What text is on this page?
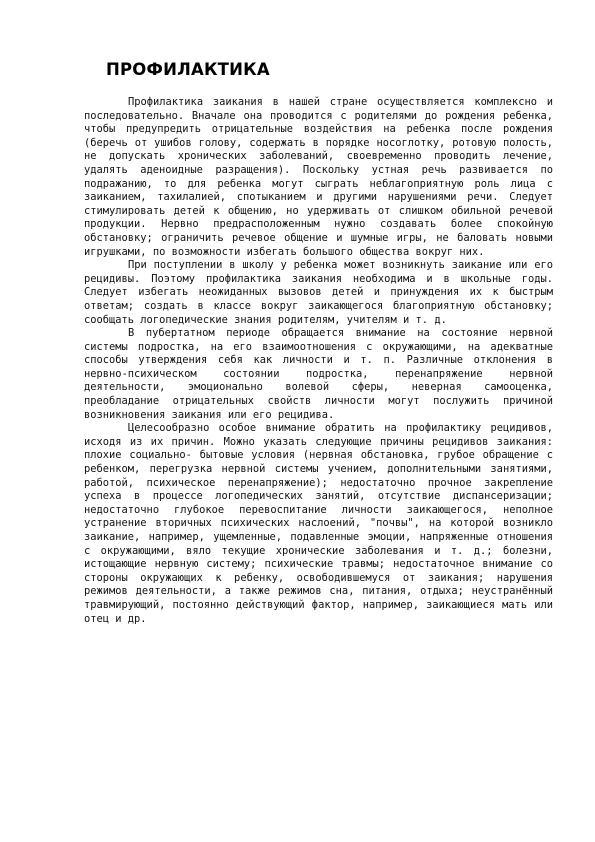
ПРОФИЛАКТИКА

Профилактика заикания в нашей стране осуществляется комплексно и последовательно. Вначале она проводится с родителями до рождения ребенка, чтобы предупредить отрицательные воздействия на ребенка после рождения (беречь от ушибов голову, содержать в порядке носоглотку, ротовую полость, не допускать хронических заболеваний, своевременно проводить лечение, удалять аденоидные разращения). Поскольку устная речь развивается по подражанию, то для ребенка могут сыграть неблагоприятную роль лица с заиканием, тахилалией, спотыканием и другими нарушениями речи. Следует стимулировать детей к общению, но удерживать от слишком обильной речевой продукции. Нервно предрасположенным нужно создавать более спокойную обстановку; ограничить речевое общение и шумные игры, не баловать новыми игрушками, по возможности избегать большого общества вокруг них.

При поступлении в школу у ребенка может возникнуть заикание или его рецидивы. Поэтому профилактика заикания необходима и в школьные годы. Следует избегать неожиданных вызовов детей и принуждения их к быстрым ответам; создать в классе вокруг заикающегося благоприятную обстановку; сообщать логопедические знания родителям, учителям и т. д.

В пубертатном периоде обращается внимание на состояние нервной системы подростка, на его взаимоотношения с окружающими, на адекватные способы утверждения себя как личности и т. п. Различные отклонения в нервно-психическом состоянии подростка, перенапряжение нервной деятельности, эмоционально волевой сферы, неверная самооценка, преобладание отрицательных свойств личности могут послужить причиной возникновения заикания или его рецидива.

Целесообразно особое внимание обратить на профилактику рецидивов, исходя из их причин. Можно указать следующие причины рецидивов заикания: плохие социально- бытовые условия (нервная обстановка, грубое обращение с ребенком, перегрузка нервной системы учением, дополнительными занятиями, работой, психическое перенапряжение); недостаточно прочное закрепление успеха в процессе логопедических занятий, отсутствие диспансеризации; недостаточно глубокое перевоспитание личности заикающегося, неполное устранение вторичных психических наслоений, "почвы", на которой возникло заикание, например, ущемленные, подавленные эмоции, напряженные отношения с окружающими, вяло текущие хронические заболевания и т. д.; болезни, истощающие нервную систему; психические травмы; недостаточное внимание со стороны окружающих к ребенку, освободившемуся от заикания; нарушения режимов деятельности, а также режимов сна, питания, отдыха; неустранённый травмирующий, постоянно действующий фактор, например, заикающиеся мать или отец и др.
